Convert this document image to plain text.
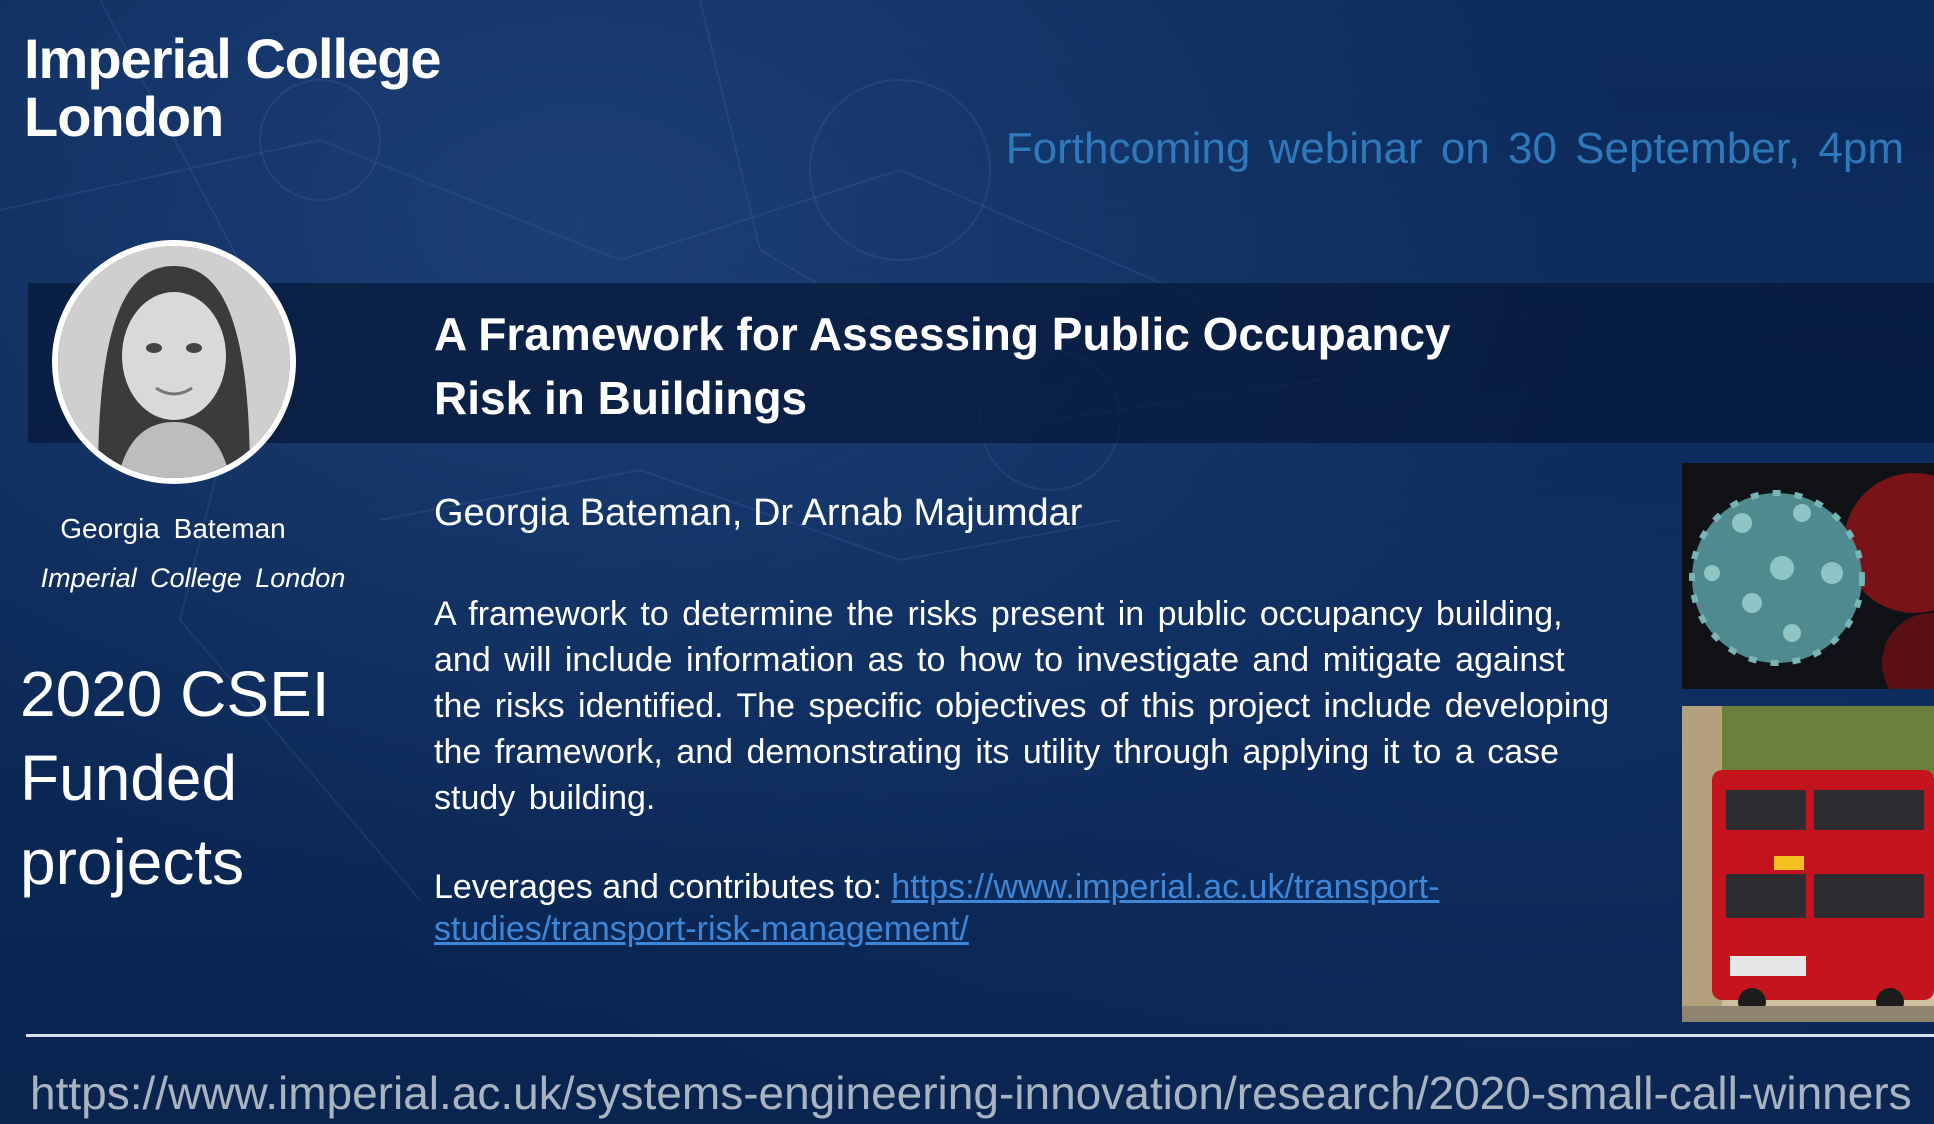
Imperial College
London
Forthcoming webinar on 30 September, 4pm
Georgia Bateman
Imperial College London
2020 CSEI
Funded
projects
A Framework for Assessing Public Occupancy
Risk in Buildings
Georgia Bateman, Dr Arnab Majumdar
A framework to determine the risks present in public occupancy building, and will include information as to how to investigate and mitigate against the risks identified. The specific objectives of this project include developing the framework, and demonstrating its utility through applying it to a case study building.
Leverages and contributes to: https://www.imperial.ac.uk/transport-studies/transport-risk-management/
https://www.imperial.ac.uk/systems-engineering-innovation/research/2020-small-call-winners
